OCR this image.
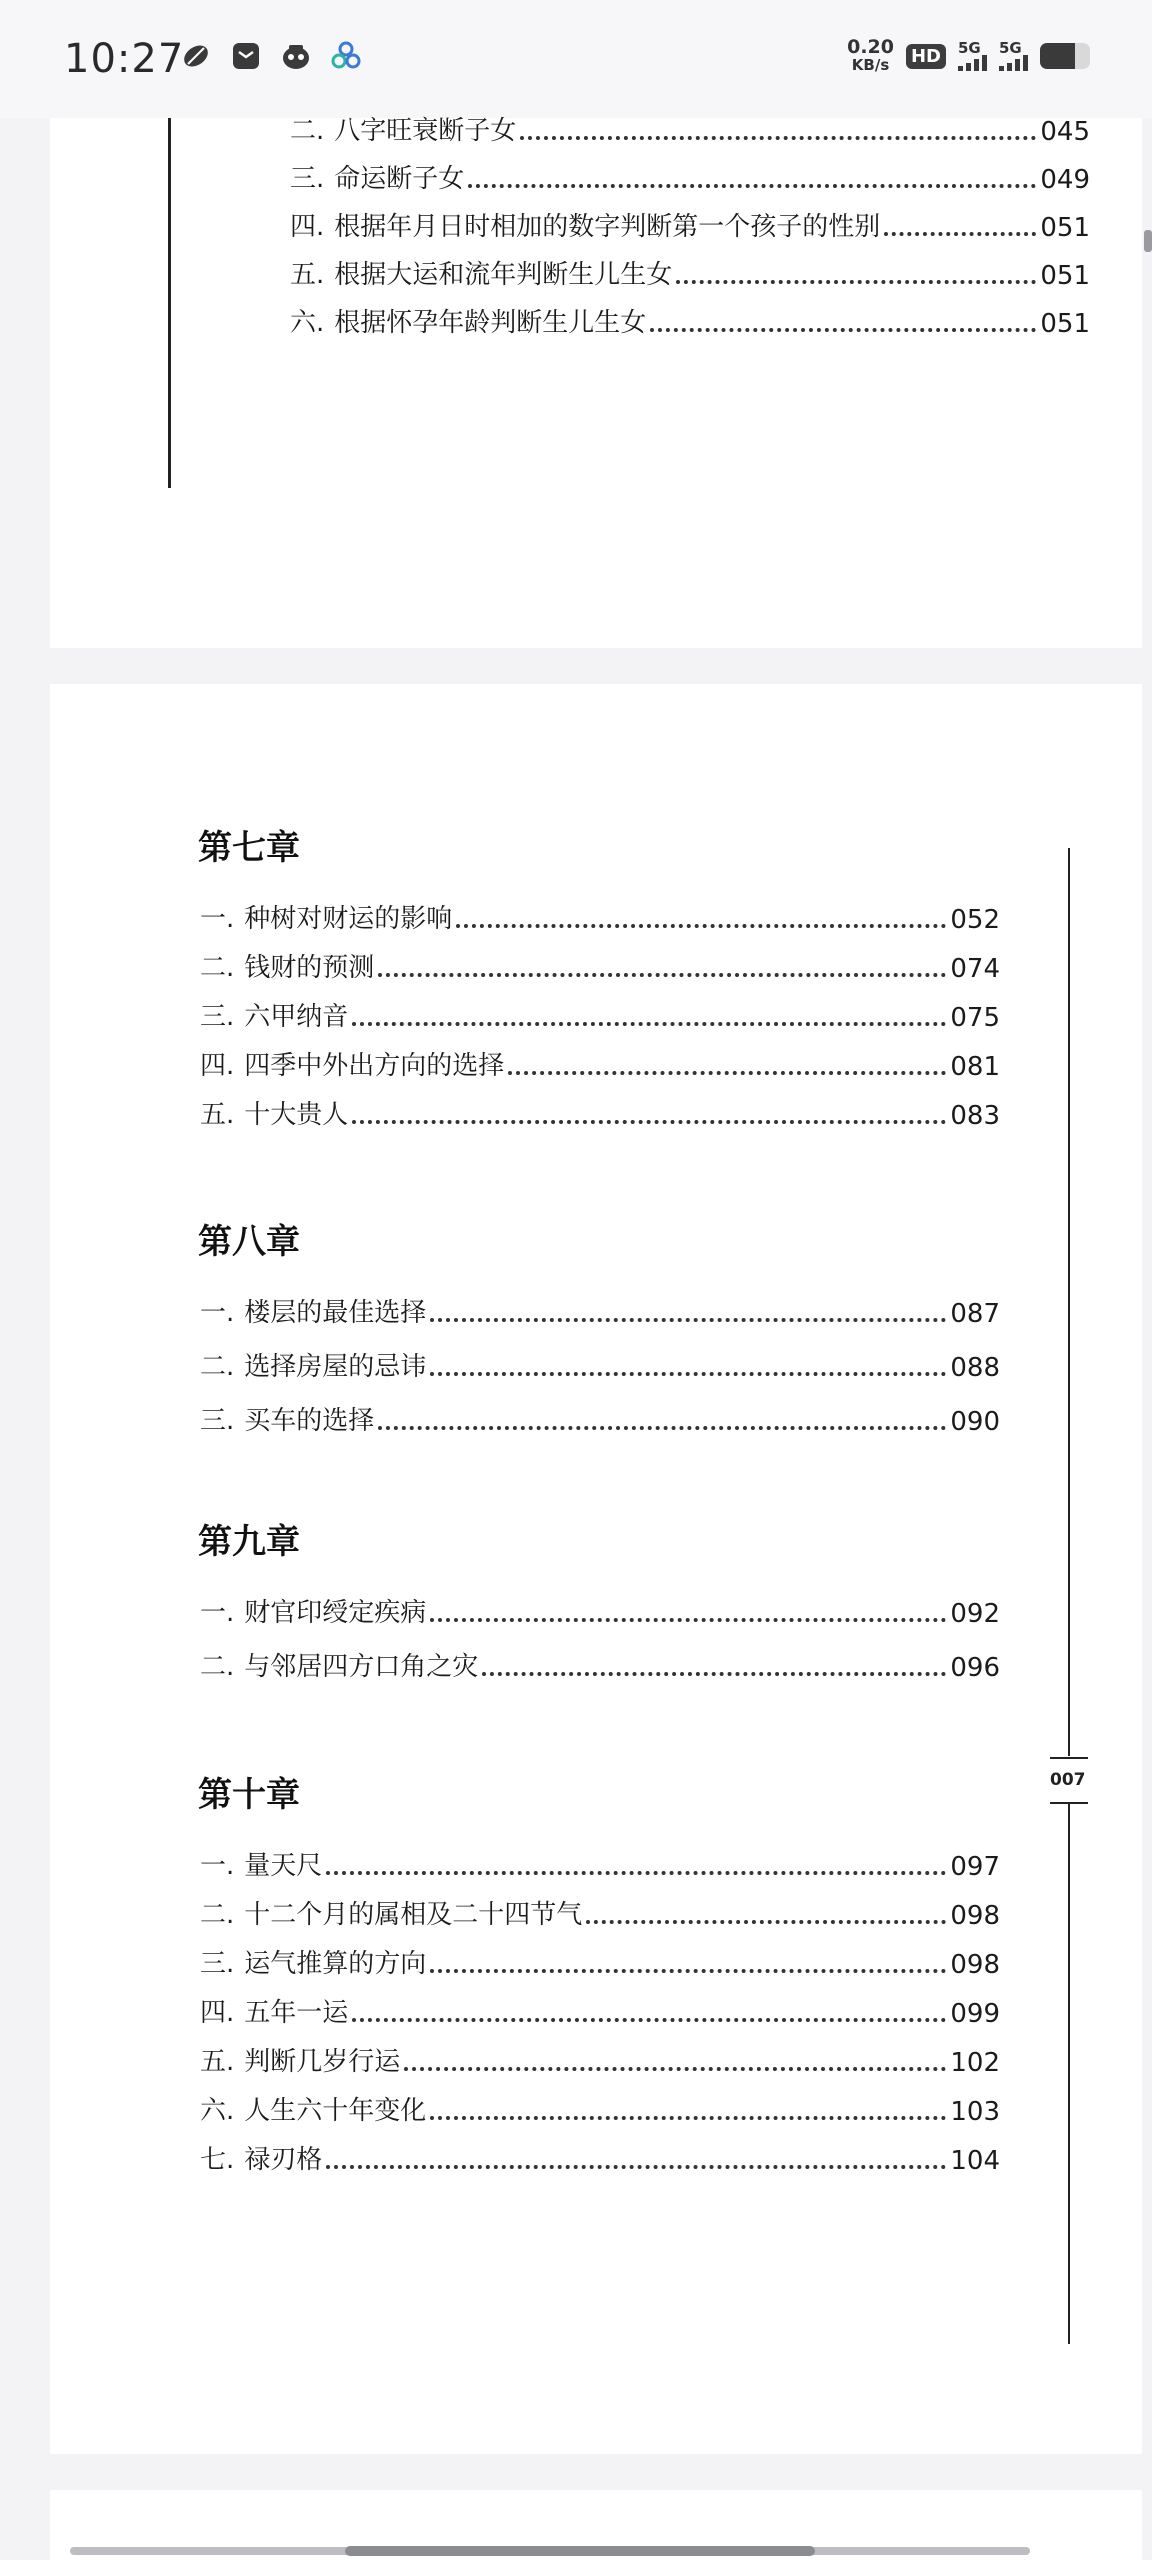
10:27	0.20
KB/s HD	5G 5G
二. 八字旺衰断子女	045
三. 命运断子女	049
四. 根据年月日时相加的数字判断第一个孩子的性别	051
五. 根据大运和流年判断生儿生女	051
六. 根据怀孕年龄判断生儿生女	051
007
第七章
一. 种树对财运的影响	052
二. 钱财的预测	074
三. 六甲纳音	075
四. 四季中外出方向的选择	081
五. 十大贵人	083
第八章
一. 楼层的最佳选择	087
二. 选择房屋的忌讳	088
三. 买车的选择	090
第九章
一. 财官印绶定疾病	092
二. 与邻居四方口角之灾	096
第十章
一. 量天尺	097
二. 十二个月的属相及二十四节气	098
三. 运气推算的方向	098
四. 五年一运	099
五. 判断几岁行运	102
六. 人生六十年变化	103
七. 禄刃格	104
